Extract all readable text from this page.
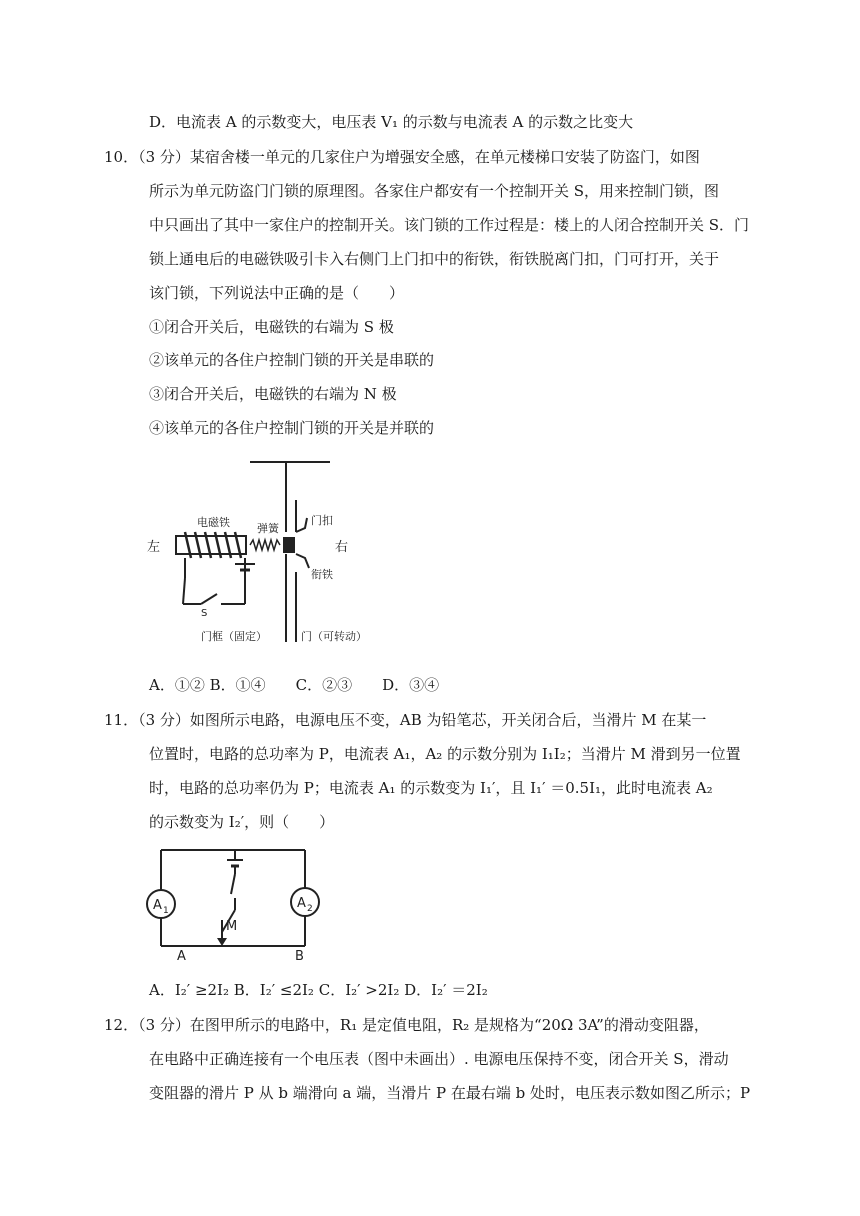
D．电流表 A 的示数变大，电压表 V₁ 的示数与电流表 A 的示数之比变大
10．（3 分）某宿舍楼一单元的几家住户为增强安全感，在单元楼梯口安装了防盗门，如图
所示为单元防盗门门锁的原理图。各家住户都安有一个控制开关 S，用来控制门锁，图
中只画出了其中一家住户的控制开关。该门锁的工作过程是：楼上的人闭合控制开关 S．门
锁上通电后的电磁铁吸引卡入右侧门上门扣中的衔铁，衔铁脱离门扣，门可打开，关于
该门锁，下列说法中正确的是（　　）
①闭合开关后，电磁铁的右端为 S 极
②该单元的各住户控制门锁的开关是串联的
③闭合开关后，电磁铁的右端为 N 极
④该单元的各住户控制门锁的开关是并联的
左	右
电磁铁 弹簧
门扣
衔铁
S
门框（固定）	门（可转动）
A．①② B．①④　　C．②③　　D．③④
11．（3 分）如图所示电路，电源电压不变，AB 为铅笔芯，开关闭合后，当滑片 M 在某一
位置时，电路的总功率为 P，电流表 A₁，A₂ 的示数分别为 I₁I₂；当滑片 M 滑到另一位置
时，电路的总功率仍为 P；电流表 A₁ 的示数变为 I₁′，且 I₁′ ＝0.5I₁，此时电流表 A₂
的示数变为 I₂′，则（　　）
A 1	A 2
M
A	B
A．I₂′ ≥2I₂ B．I₂′ ≤2I₂ C．I₂′ >2I₂ D．I₂′ ＝2I₂
12．（3 分）在图甲所示的电路中，R₁ 是定值电阻，R₂ 是规格为“20Ω 3A”的滑动变阻器，
在电路中正确连接有一个电压表（图中未画出）. 电源电压保持不变，闭合开关 S，滑动
变阻器的滑片 P 从 b 端滑向 a 端，当滑片 P 在最右端 b 处时，电压表示数如图乙所示；P
